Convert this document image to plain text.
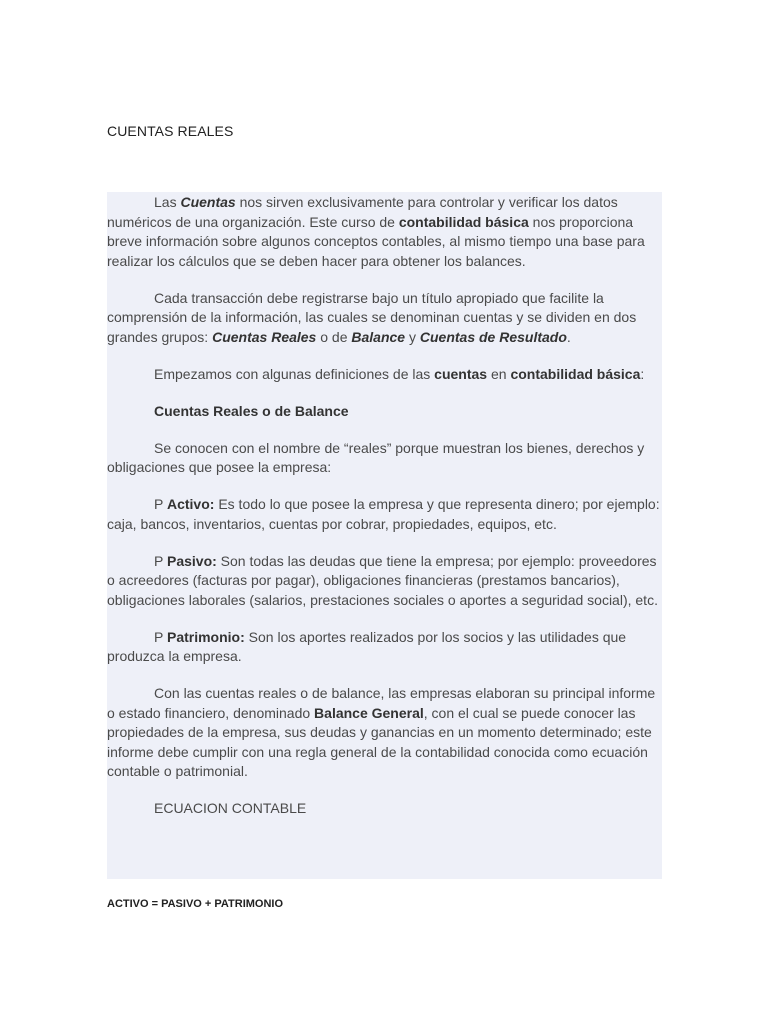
CUENTAS REALES

Las Cuentas nos sirven exclusivamente para controlar y verificar los datos numéricos de una organización. Este curso de contabilidad básica nos proporciona breve información sobre algunos conceptos contables, al mismo tiempo una base para realizar los cálculos que se deben hacer para obtener los balances.

Cada transacción debe registrarse bajo un título apropiado que facilite la comprensión de la información, las cuales se denominan cuentas y se dividen en dos grandes grupos: Cuentas Reales o de Balance y Cuentas de Resultado.

Empezamos con algunas definiciones de las cuentas en contabilidad básica:

Cuentas Reales o de Balance

Se conocen con el nombre de “reales” porque muestran los bienes, derechos y obligaciones que posee la empresa:

P Activo: Es todo lo que posee la empresa y que representa dinero; por ejemplo: caja, bancos, inventarios, cuentas por cobrar, propiedades, equipos, etc.

P Pasivo: Son todas las deudas que tiene la empresa; por ejemplo: proveedores o acreedores (facturas por pagar), obligaciones financieras (prestamos bancarios), obligaciones laborales (salarios, prestaciones sociales o aportes a seguridad social), etc.

P Patrimonio: Son los aportes realizados por los socios y las utilidades que produzca la empresa.

Con las cuentas reales o de balance, las empresas elaboran su principal informe o estado financiero, denominado Balance General, con el cual se puede conocer las propiedades de la empresa, sus deudas y ganancias en un momento determinado; este informe debe cumplir con una regla general de la contabilidad conocida como ecuación contable o patrimonial.

ECUACION CONTABLE

ACTIVO = PASIVO + PATRIMONIO
